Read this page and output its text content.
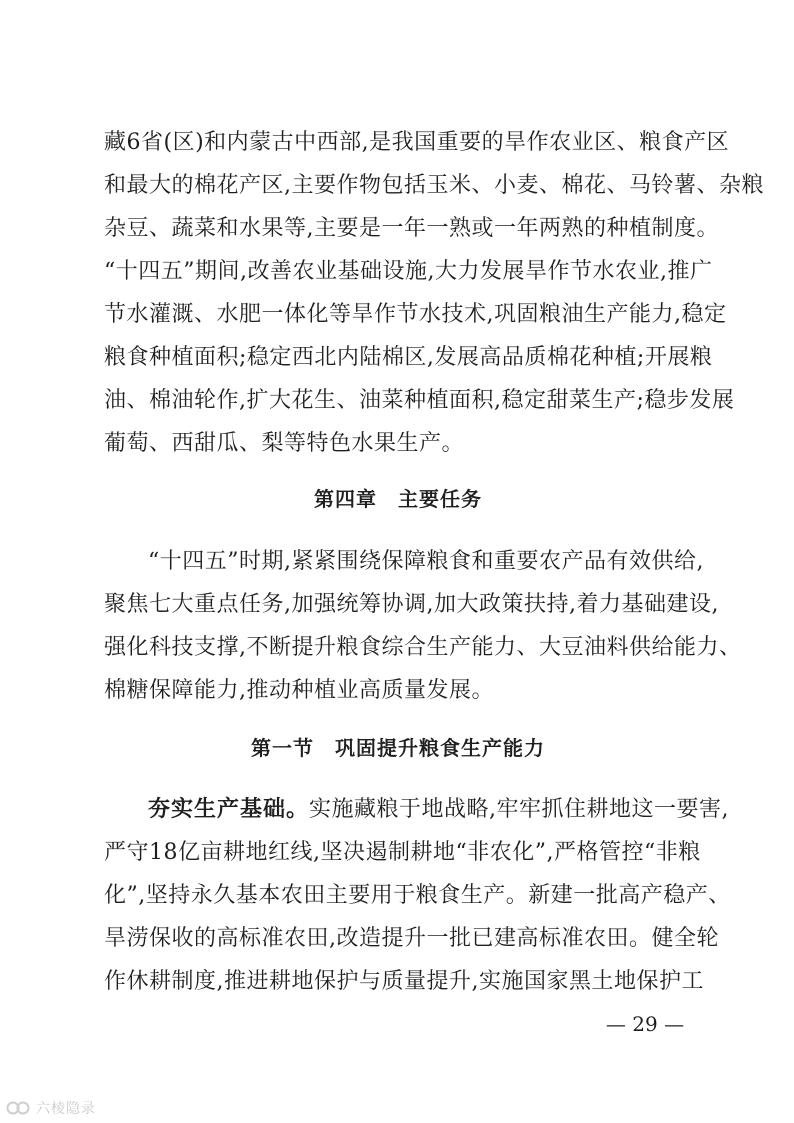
藏6省(区)和内蒙古中西部,是我国重要的旱作农业区、粮食产区
和最大的棉花产区,主要作物包括玉米、小麦、棉花、马铃薯、杂粮
杂豆、蔬菜和水果等,主要是一年一熟或一年两熟的种植制度。
“十四五”期间,改善农业基础设施,大力发展旱作节水农业,推广
节水灌溉、水肥一体化等旱作节水技术,巩固粮油生产能力,稳定
粮食种植面积;稳定西北内陆棉区,发展高品质棉花种植;开展粮
油、棉油轮作,扩大花生、油菜种植面积,稳定甜菜生产;稳步发展
葡萄、西甜瓜、梨等特色水果生产。
第四章　主要任务
“十四五”时期,紧紧围绕保障粮食和重要农产品有效供给,
聚焦七大重点任务,加强统筹协调,加大政策扶持,着力基础建设,
强化科技支撑,不断提升粮食综合生产能力、大豆油料供给能力、
棉糖保障能力,推动种植业高质量发展。
第一节　巩固提升粮食生产能力
夯实生产基础。实施藏粮于地战略,牢牢抓住耕地这一要害,
严守18亿亩耕地红线,坚决遏制耕地“非农化”,严格管控“非粮
化”,坚持永久基本农田主要用于粮食生产。新建一批高产稳产、
旱涝保收的高标准农田,改造提升一批已建高标准农田。健全轮
作休耕制度,推进耕地保护与质量提升,实施国家黑土地保护工
— 29 —
六棱隐录
